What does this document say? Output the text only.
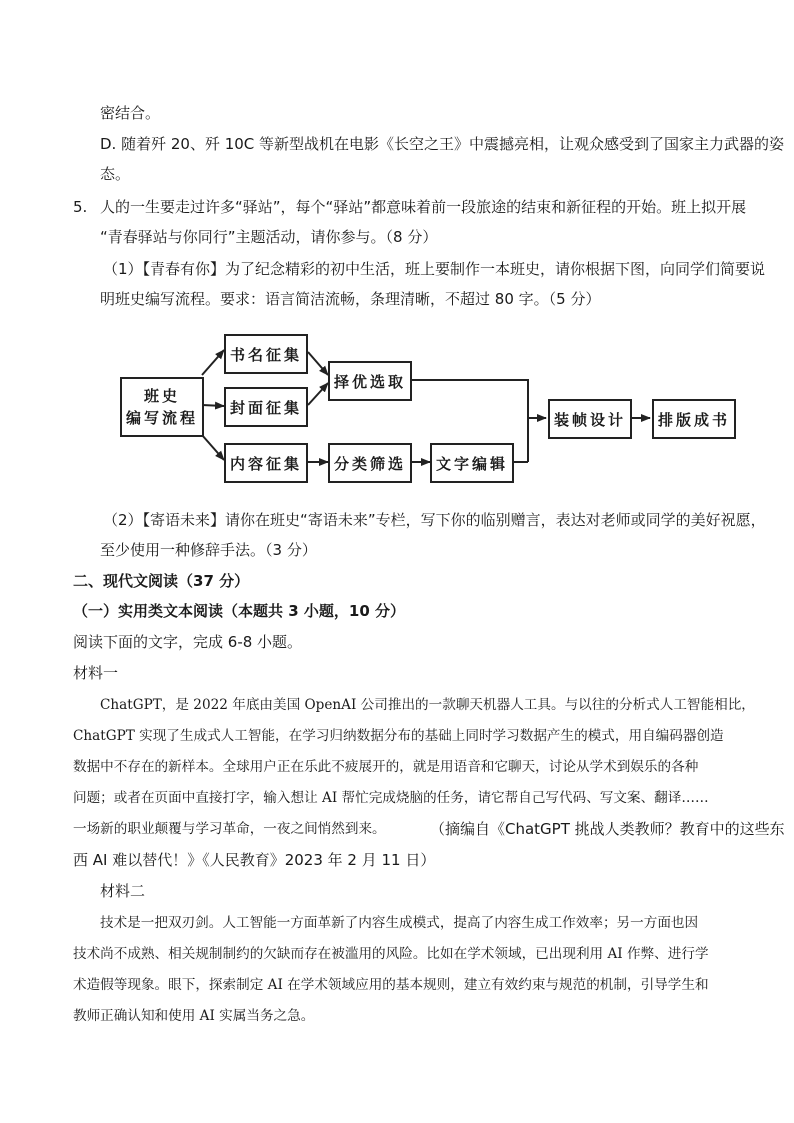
密结合。
D. 随着歼 20、歼 10C 等新型战机在电影《长空之王》中震撼亮相，让观众感受到了国家主力武器的姿
态。
5. 人的一生要走过许多“驿站”，每个“驿站”都意味着前一段旅途的结束和新征程的开始。班上拟开展
“青春驿站与你同行”主题活动，请你参与。（8 分）
（1）【青春有你】为了纪念精彩的初中生活，班上要制作一本班史，请你根据下图，向同学们简要说
明班史编写流程。要求：语言简洁流畅，条理清晰，不超过 80 字。（5 分）
班史
编写流程
书名征集
封面征集
内容征集
择优选取
分类筛选	文字编辑
装帧设计	排版成书
（2）【寄语未来】请你在班史“寄语未来”专栏，写下你的临别赠言，表达对老师或同学的美好祝愿，
至少使用一种修辞手法。（3 分）
二、现代文阅读（37 分）
（一）实用类文本阅读（本题共 3 小题，10 分）
阅读下面的文字，完成 6-8 小题。
材料一
ChatGPT，是 2022 年底由美国 OpenAI 公司推出的一款聊天机器人工具。与以往的分析式人工智能相比，
ChatGPT 实现了生成式人工智能，在学习归纳数据分布的基础上同时学习数据产生的模式，用自编码器创造
数据中不存在的新样本。全球用户正在乐此不疲展开的，就是用语音和它聊天，讨论从学术到娱乐的各种
问题；或者在页面中直接打字，输入想让 AI 帮忙完成烧脑的任务，请它帮自己写代码、写文案、翻译……
一场新的职业颠覆与学习革命，一夜之间悄然到来。	（摘编自《ChatGPT 挑战人类教师？教育中的这些东
西 AI 难以替代！》《人民教育》2023 年 2 月 11 日）
材料二
技术是一把双刃剑。人工智能一方面革新了内容生成模式，提高了内容生成工作效率；另一方面也因
技术尚不成熟、相关规制制约的欠缺而存在被滥用的风险。比如在学术领域，已出现利用 AI 作弊、进行学
术造假等现象。眼下，探索制定 AI 在学术领域应用的基本规则，建立有效约束与规范的机制，引导学生和
教师正确认知和使用 AI 实属当务之急。
